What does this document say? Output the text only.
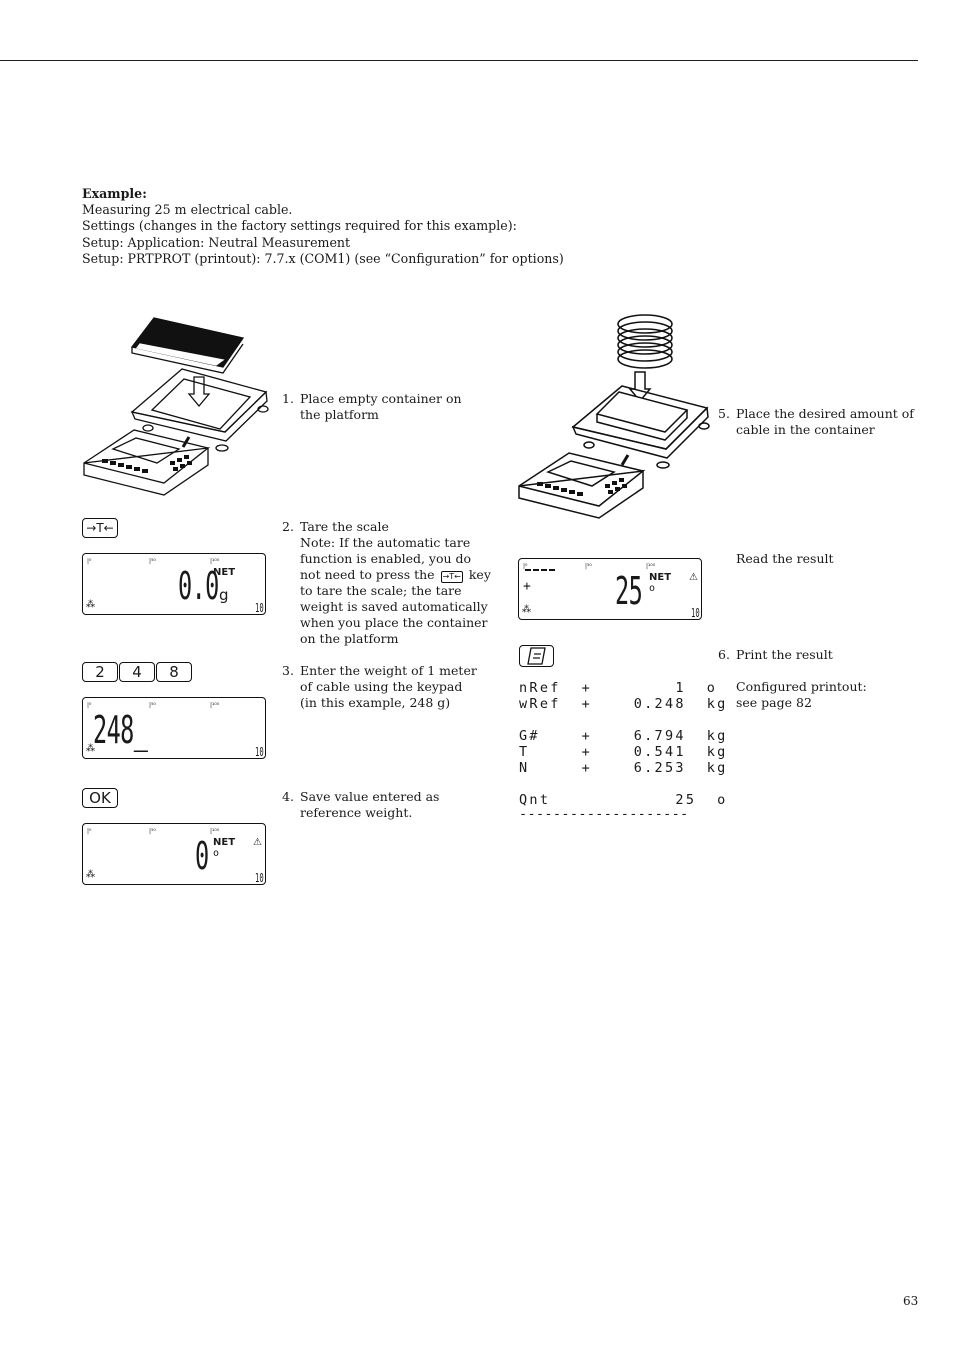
Example:
Measuring 25 m electrical cable.
Settings (changes in the factory settings required for this example):
Setup: Application: Neutral Measurement
Setup: PRTPROT (printout): 7.7.x (COM1) (see “Configuration” for options)
1. Place empty container on
the platform
→T←
|⁰	|⁵⁰	|¹⁰⁰
0.0
NET
g
⁂	10
2. Tare the scale
Note: If the automatic tare
function is enabled, you do
not need to press the →T← key
to tare the scale; the tare
weight is saved automatically
when you place the container
on the platform
2	4	8
|⁰	|⁵⁰	|¹⁰⁰
248_
⁂	10
3. Enter the weight of 1 meter
of cable using the keypad
(in this example, 248 g)
OK
|⁰	|⁵⁰	|¹⁰⁰
0 NET
o
⚠
⁂	10
4. Save value entered as
reference weight.
5. Place the desired amount of
cable in the container
|⁰	|⁵⁰	|¹⁰⁰
+ 25 NET
o
⚠
⁂	10
Read the result
6. Print the result
Configured printout:
see page 82
nRef  +        1  o
wRef  +    0.248  kg
G#    +    6.794  kg
T     +    0.541  kg
N     +    6.253  kg
Qnt            25  o
--------------------
63
